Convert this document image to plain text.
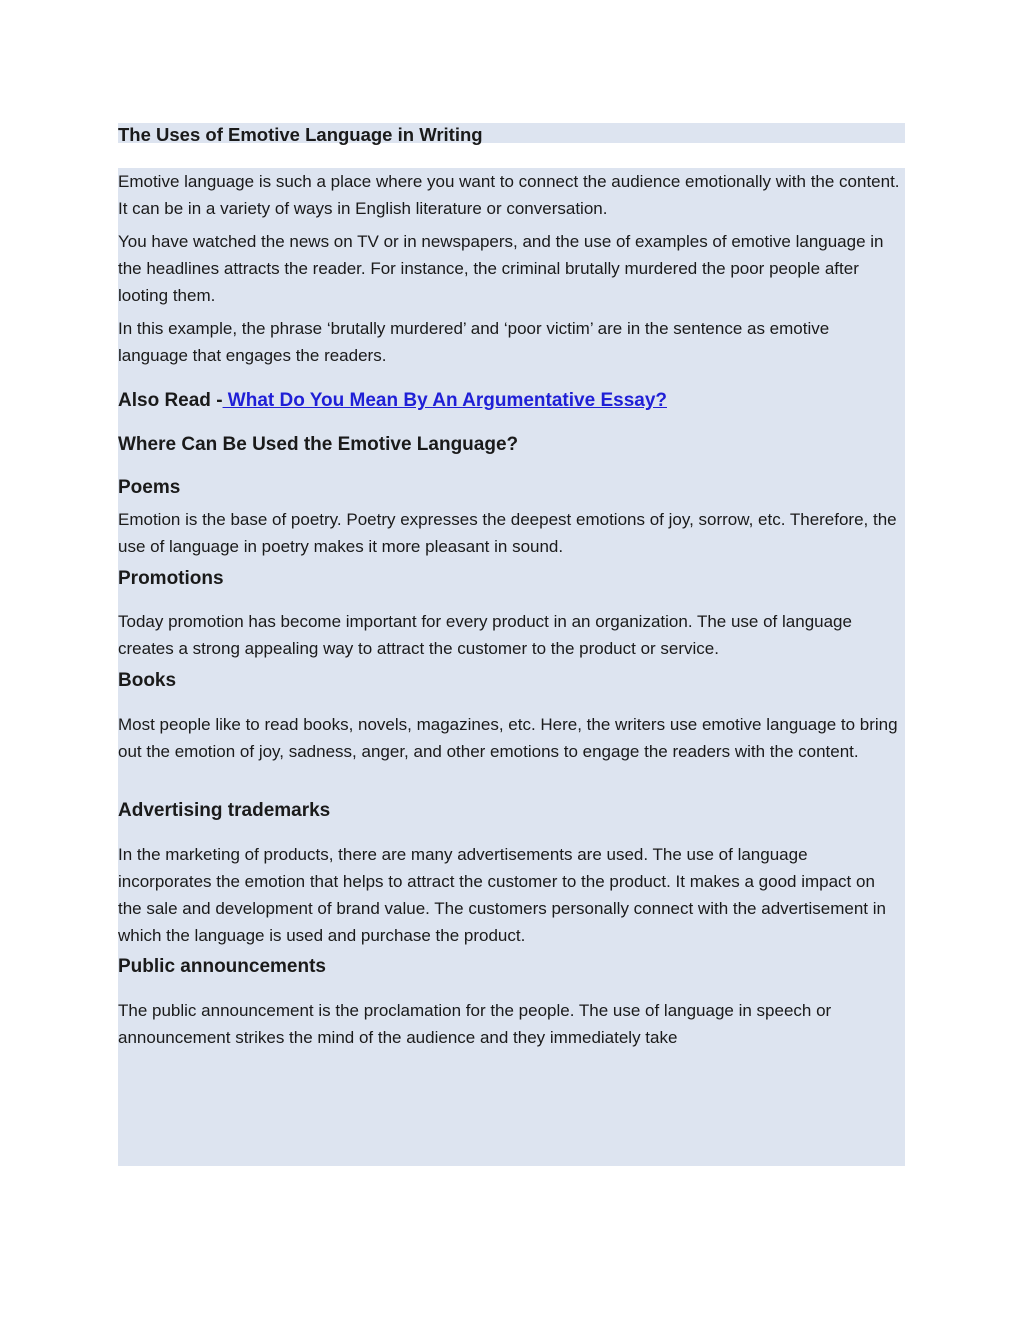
The Uses of Emotive Language in Writing

Emotive language is such a place where you want to connect the audience emotionally with the content. It can be in a variety of ways in English literature or conversation.

You have watched the news on TV or in newspapers, and the use of examples of emotive language in the headlines attracts the reader. For instance, the criminal brutally murdered the poor people after looting them.

In this example, the phrase ‘brutally murdered’ and ‘poor victim’ are in the sentence as emotive language that engages the readers.

Also Read - What Do You Mean By An Argumentative Essay?

Where Can Be Used the Emotive Language?

Poems

Emotion is the base of poetry. Poetry expresses the deepest emotions of joy, sorrow, etc. Therefore, the use of language in poetry makes it more pleasant in sound.

Promotions

Today promotion has become important for every product in an organization. The use of language creates a strong appealing way to attract the customer to the product or service.

Books

Most people like to read books, novels, magazines, etc. Here, the writers use emotive language to bring out the emotion of joy, sadness, anger, and other emotions to engage the readers with the content.

Advertising trademarks

In the marketing of products, there are many advertisements are used. The use of language incorporates the emotion that helps to attract the customer to the product. It makes a good impact on the sale and development of brand value. The customers personally connect with the advertisement in which the language is used and purchase the product.

Public announcements

The public announcement is the proclamation for the people. The use of language in speech or announcement strikes the mind of the audience and they immediately take
